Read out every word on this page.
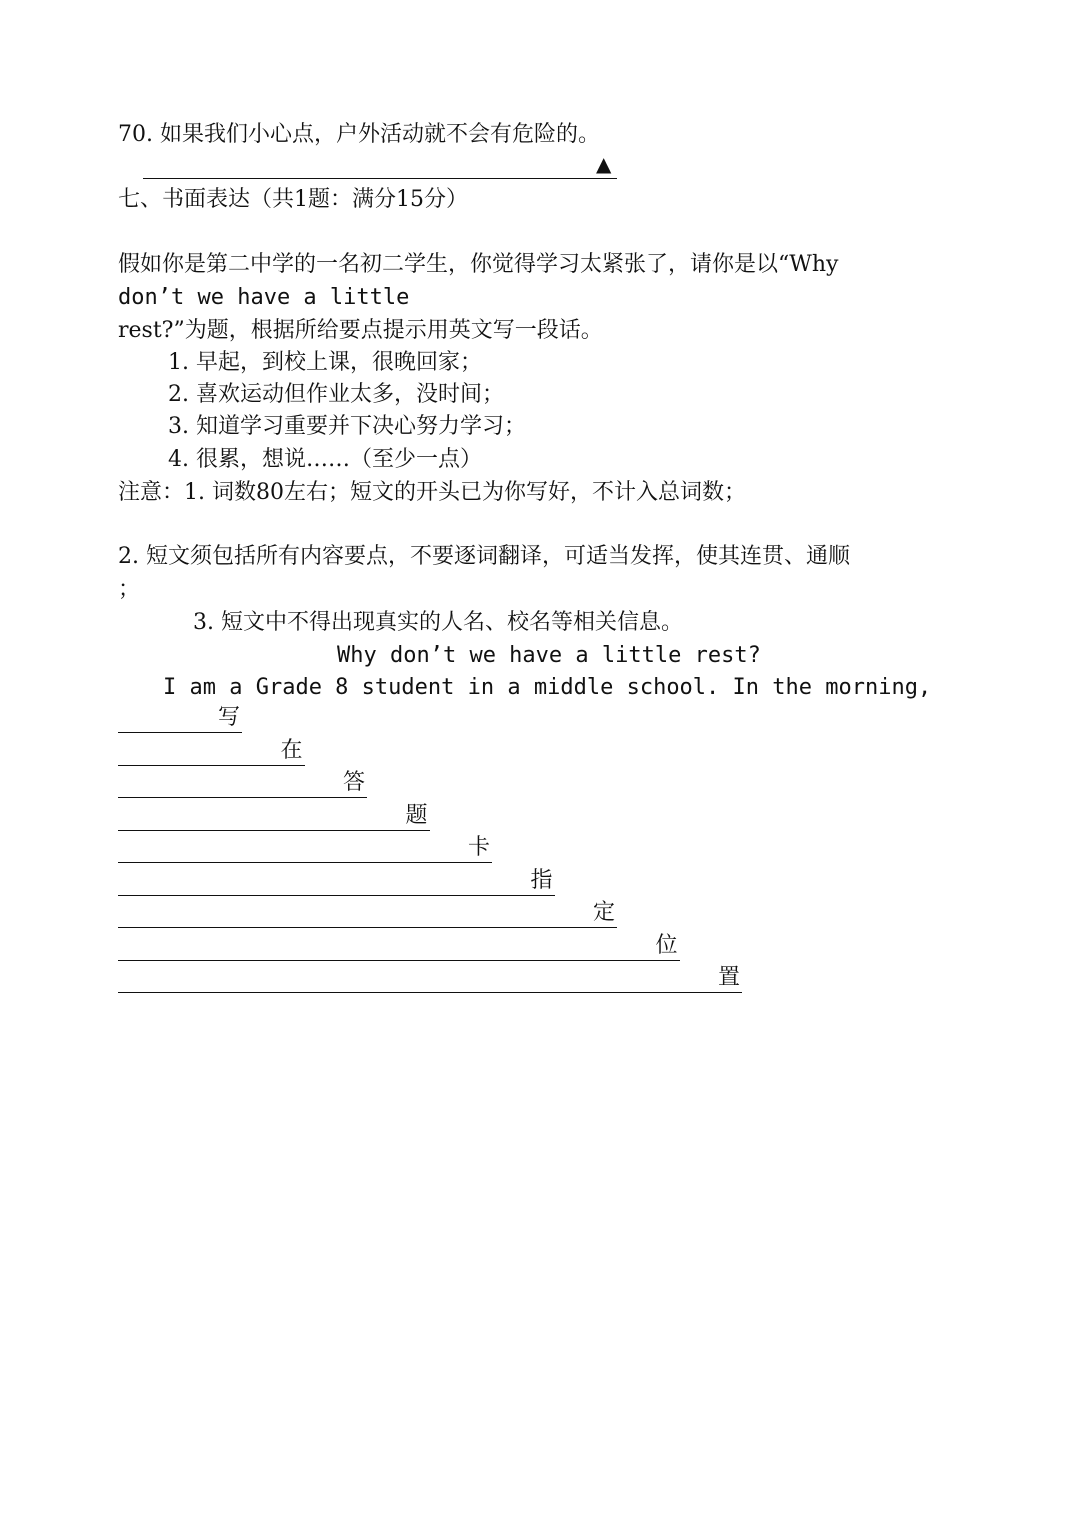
70. 如果我们小心点，户外活动就不会有危险的。

▲

七、书面表达（共1题：满分15分）

假如你是第二中学的一名初二学生，你觉得学习太紧张了，请你是以“Why

don’t we have a little

rest?”为题，根据所给要点提示用英文写一段话。

1. 早起，到校上课，很晚回家；

2. 喜欢运动但作业太多，没时间；

3. 知道学习重要并下决心努力学习；

4. 很累，想说……（至少一点）

注意：1. 词数80左右；短文的开头已为你写好，不计入总词数；

2. 短文须包括所有内容要点，不要逐词翻译，可适当发挥，使其连贯、通顺

；

3. 短文中不得出现真实的人名、校名等相关信息。

Why don’t we have a little rest?

I am a Grade 8 student in a middle school. In the morning,

写
在
答
题
卡
指
定
位
置
